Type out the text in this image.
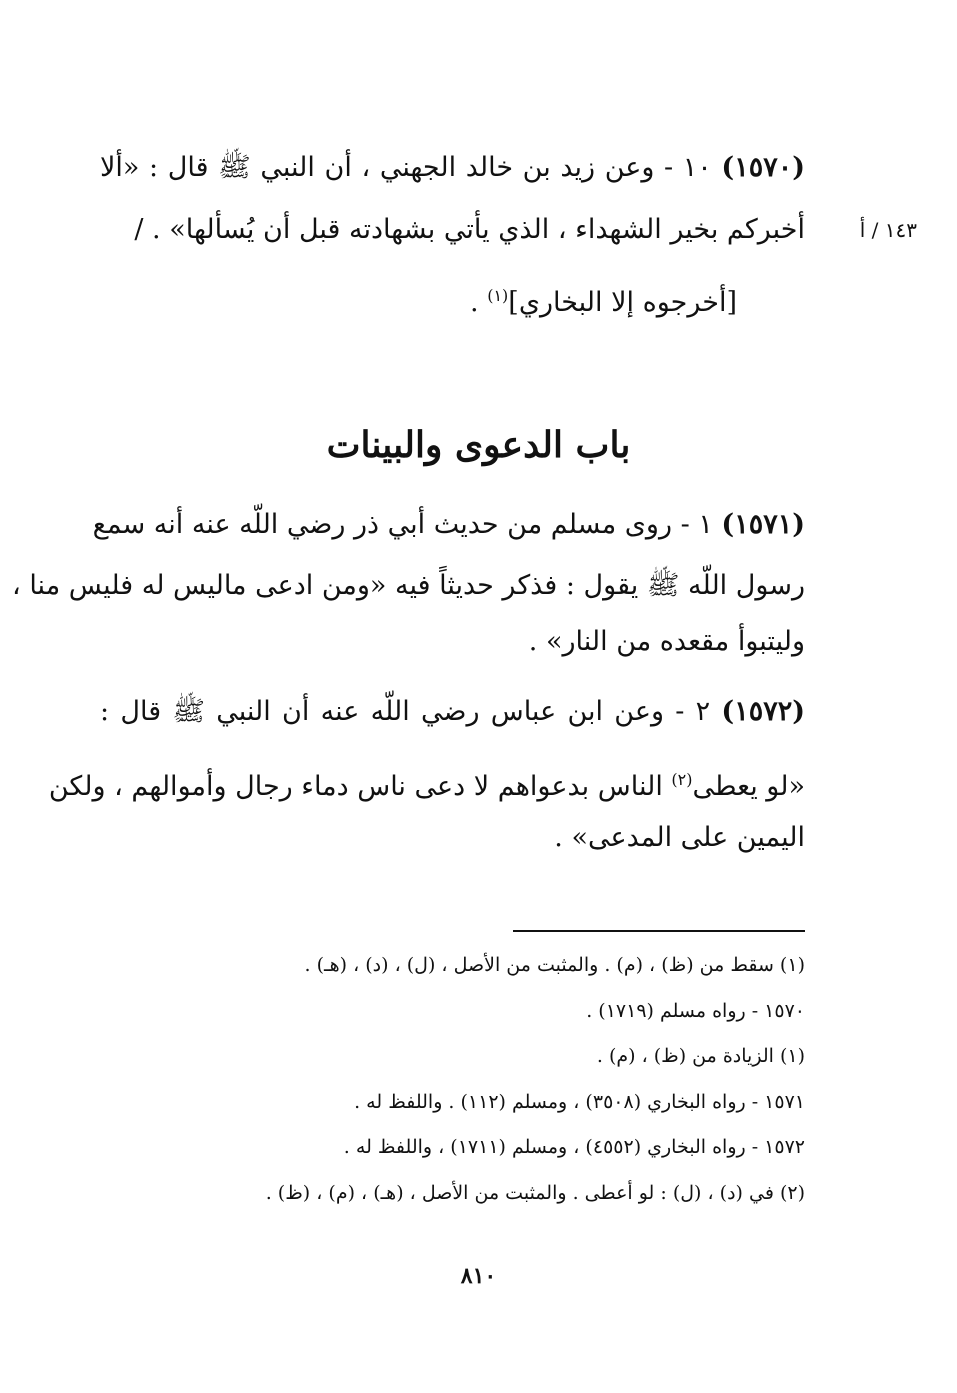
(١٥٧٠) ١٠ - وعن زيد بن خالد الجهني ، أن النبي ﷺ قال : «ألا
أخبركم بخير الشهداء ، الذي يأتي بشهادته قبل أن يُسألها» . /	١٤٣ / أ
[أخرجوه إلا البخاري]$^{(١)}$ .
باب الدعوى والبينات
(١٥٧١) ١ - روى مسلم من حديث أبي ذر رضي اللّه عنه أنه سمع
رسول اللّه ﷺ يقول : فذكر حديثاً فيه «ومن ادعى ماليس له فليس منا ،
وليتبوأ مقعده من النار» .
(١٥٧٢) ٢ - وعن ابن عباس رضي اللّه عنه أن النبي ﷺ قال :
«لو يعطى$^{(٢)}$ الناس بدعواهم لا دعى ناس دماء رجال وأموالهم ، ولكن
اليمين على المدعى» .
(١) سقط من (ظ) ، (م) . والمثبت من الأصل ، (ل) ، (د) ، (هـ) .
١٥٧٠ - رواه مسلم (١٧١٩) .
(١) الزيادة من (ظ) ، (م) .
١٥٧١ - رواه البخاري (٣٥٠٨) ، ومسلم (١١٢) . واللفظ له .
١٥٧٢ - رواه البخاري (٤٥٥٢) ، ومسلم (١٧١١) ، واللفظ له .
(٢) في (د) ، (ل) : لو أعطى . والمثبت من الأصل ، (هـ) ، (م) ، (ظ) .
٨١٠
